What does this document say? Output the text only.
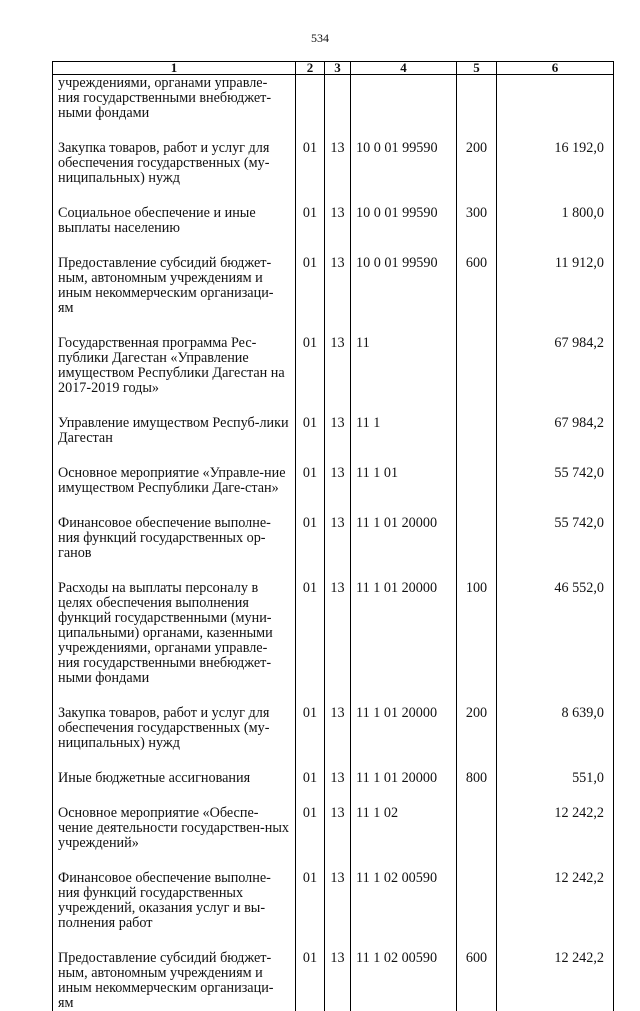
534
1	2	3	4	5	6
учреждениями, органами управле-ния государственными внебюджет-ными фондами					

Закупка товаров, работ и услуг для обеспечения государственных (му-ниципальных) нужд	01	13	10 0 01 99590	200	16 192,0

Социальное обеспечение и иные выплаты населению	01	13	10 0 01 99590	300	1 800,0

Предоставление субсидий бюджет-ным, автономным учреждениям и иным некоммерческим организаци-ям	01	13	10 0 01 99590	600	11 912,0

Государственная программа Рес-публики Дагестан «Управление имуществом Республики Дагестан на 2017-2019 годы»	01	13	11		67 984,2

Управление имуществом Респуб-лики Дагестан	01	13	11 1		67 984,2

Основное мероприятие «Управле-ние имуществом Республики Даге-стан»	01	13	11 1 01		55 742,0

Финансовое обеспечение выполне-ния функций государственных ор-ганов	01	13	11 1 01 20000		55 742,0

Расходы на выплаты персоналу в целях обеспечения выполнения функций государственными (муни-ципальными) органами, казенными учреждениями, органами управле-ния государственными внебюджет-ными фондами	01	13	11 1 01 20000	100	46 552,0

Закупка товаров, работ и услуг для обеспечения государственных (му-ниципальных) нужд	01	13	11 1 01 20000	200	8 639,0

Иные бюджетные ассигнования	01	13	11 1 01 20000	800	551,0

Основное мероприятие «Обеспе-чение деятельности государствен-ных учреждений»	01	13	11 1 02		12 242,2

Финансовое обеспечение выполне-ния функций государственных учреждений, оказания услуг и вы-полнения работ	01	13	11 1 02 00590		12 242,2

Предоставление субсидий бюджет-ным, автономным учреждениям и иным некоммерческим организаци-ям	01	13	11 1 02 00590	600	12 242,2
